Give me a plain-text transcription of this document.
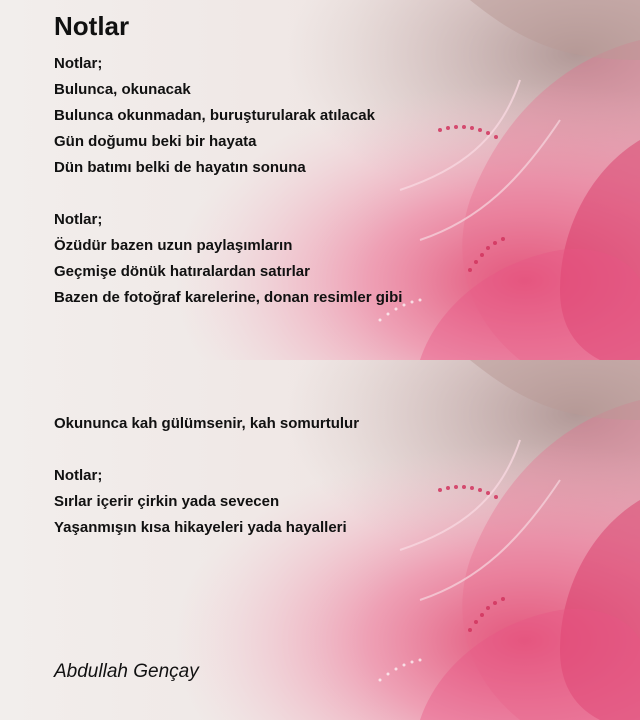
Notlar
Notlar;
Bulunca, okunacak
Bulunca okunmadan, buruşturularak atılacak
Gün doğumu beki bir hayata
Dün batımı belki de hayatın sonuna
Notlar;
Özüdür bazen uzun paylaşımların
Geçmişe dönük hatıralardan satırlar
Bazen de fotoğraf karelerine, donan resimler gibi
Okununca kah gülümsenir, kah somurtulur
Notlar;
Sırlar içerir çirkin yada sevecen
Yaşanmışın kısa hikayeleri yada hayalleri
Abdullah Gençay
